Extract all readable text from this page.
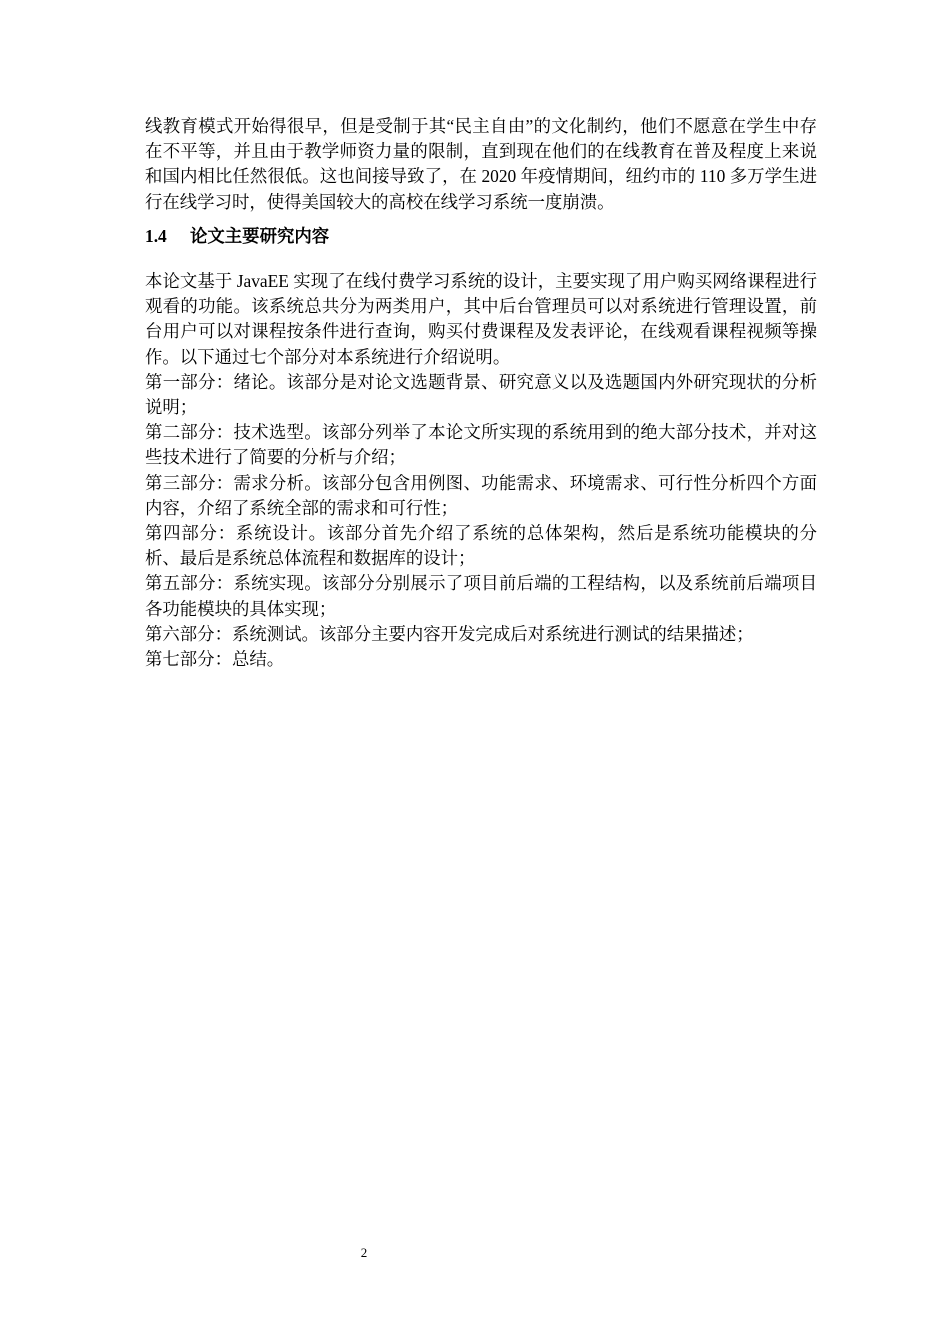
线教育模式开始得很早，但是受制于其“民主自由”的文化制约，他们不愿意在学生中存在不平等，并且由于教学师资力量的限制，直到现在他们的在线教育在普及程度上来说和国内相比任然很低。这也间接导致了，在 2020 年疫情期间，纽约市的 110 多万学生进行在线学习时，使得美国较大的高校在线学习系统一度崩溃。

1.4	论文主要研究内容

本论文基于 JavaEE 实现了在线付费学习系统的设计，主要实现了用户购买网络课程进行观看的功能。该系统总共分为两类用户，其中后台管理员可以对系统进行管理设置，前台用户可以对课程按条件进行查询，购买付费课程及发表评论，在线观看课程视频等操作。以下通过七个部分对本系统进行介绍说明。

第一部分：绪论。该部分是对论文选题背景、研究意义以及选题国内外研究现状的分析说明；

第二部分：技术选型。该部分列举了本论文所实现的系统用到的绝大部分技术，并对这些技术进行了简要的分析与介绍；

第三部分：需求分析。该部分包含用例图、功能需求、环境需求、可行性分析四个方面内容，介绍了系统全部的需求和可行性；

第四部分：系统设计。该部分首先介绍了系统的总体架构，然后是系统功能模块的分析、最后是系统总体流程和数据库的设计；

第五部分：系统实现。该部分分别展示了项目前后端的工程结构，以及系统前后端项目各功能模块的具体实现；

第六部分：系统测试。该部分主要内容开发完成后对系统进行测试的结果描述；

第七部分：总结。

2
